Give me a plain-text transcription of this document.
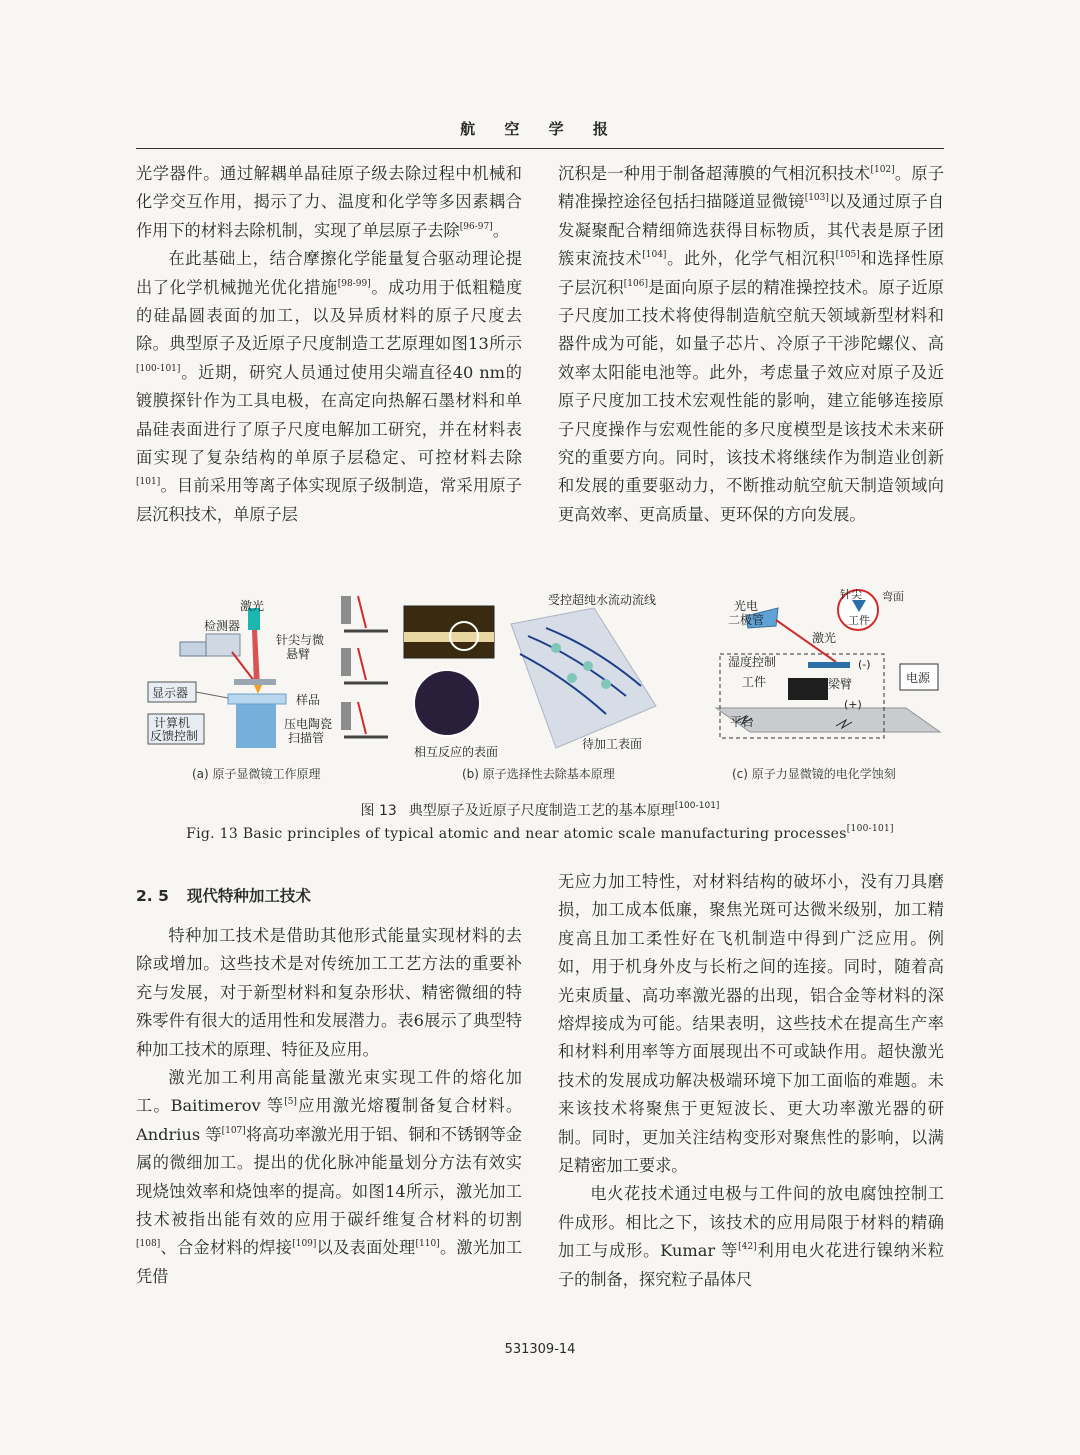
航 空 学 报

光学器件。通过解耦单晶硅原子级去除过程中机械和化学交互作用，揭示了力、温度和化学等多因素耦合作用下的材料去除机制，实现了单层原子去除[96-97]。

在此基础上，结合摩擦化学能量复合驱动理论提出了化学机械抛光优化措施[98-99]。成功用于低粗糙度的硅晶圆表面的加工，以及异质材料的原子尺度去除。典型原子及近原子尺度制造工艺原理如图13所示[100-101]。近期，研究人员通过使用尖端直径40 nm的镀膜探针作为工具电极，在高定向热解石墨材料和单晶硅表面进行了原子尺度电解加工研究，并在材料表面实现了复杂结构的单原子层稳定、可控材料去除[101]。目前采用等离子体实现原子级制造，常采用原子层沉积技术，单原子层

沉积是一种用于制备超薄膜的气相沉积技术[102]。原子精准操控途径包括扫描隧道显微镜[103]以及通过原子自发凝聚配合精细筛选获得目标物质，其代表是原子团簇束流技术[104]。此外，化学气相沉积[105]和选择性原子层沉积[106]是面向原子层的精准操控技术。原子近原子尺度加工技术将使得制造航空航天领域新型材料和器件成为可能，如量子芯片、冷原子干涉陀螺仪、高效率太阳能电池等。此外，考虑量子效应对原子及近原子尺度加工技术宏观性能的影响，建立能够连接原子尺度操作与宏观性能的多尺度模型是该技术未来研究的重要方向。同时，该技术将继续作为制造业创新和发展的重要驱动力，不断推动航空航天制造领域向更高效率、更高质量、更环保的方向发展。

激光
检测器
针尖与微
悬臂
显示器	样品
计算机
反馈控制
压电陶瓷
扫描管
(a) 原子显微镜工作原理
受控超纯水流动流线
相互反应的表面
待加工表面
(b) 原子选择性去除基本原理
光电
二极管
针尖 弯面
工件
激光
湿度控制
工件	悬梁臂	电源
平台
(-)
(+)
(c) 原子力显微镜的电化学蚀刻
图 13 典型原子及近原子尺度制造工艺的基本原理[100-101]
Fig. 13 Basic principles of typical atomic and near atomic scale manufacturing processes[100-101]

2. 5 现代特种加工技术

特种加工技术是借助其他形式能量实现材料的去除或增加。这些技术是对传统加工工艺方法的重要补充与发展，对于新型材料和复杂形状、精密微细的特殊零件有很大的适用性和发展潜力。表6展示了典型特种加工技术的原理、特征及应用。

激光加工利用高能量激光束实现工件的熔化加工。Baitimerov 等[5]应用激光熔覆制备复合材料。Andrius 等[107]将高功率激光用于铝、铜和不锈钢等金属的微细加工。提出的优化脉冲能量划分方法有效实现烧蚀效率和烧蚀率的提高。如图14所示，激光加工技术被指出能有效的应用于碳纤维复合材料的切割[108]、合金材料的焊接[109]以及表面处理[110]。激光加工凭借

无应力加工特性，对材料结构的破坏小，没有刀具磨损，加工成本低廉，聚焦光斑可达微米级别，加工精度高且加工柔性好在飞机制造中得到广泛应用。例如，用于机身外皮与长桁之间的连接。同时，随着高光束质量、高功率激光器的出现，铝合金等材料的深熔焊接成为可能。结果表明，这些技术在提高生产率和材料利用率等方面展现出不可或缺作用。超快激光技术的发展成功解决极端环境下加工面临的难题。未来该技术将聚焦于更短波长、更大功率激光器的研制。同时，更加关注结构变形对聚焦性的影响，以满足精密加工要求。

电火花技术通过电极与工件间的放电腐蚀控制工件成形。相比之下，该技术的应用局限于材料的精确加工与成形。Kumar 等[42]利用电火花进行镍纳米粒子的制备，探究粒子晶体尺

531309-14
